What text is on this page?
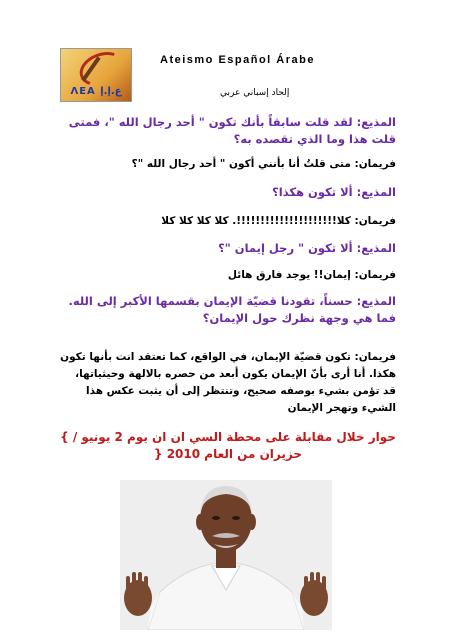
ΛΕΑ ع.إ.إ
Ateismo Español Árabe
إلحاد إسباني عربي
المذيع: لقد قلت سابقاً بأنك تكون " أحد رجال الله "، فمتى قلت هذا وما الذي تقصده به؟
فريمان: متى قلتُ أنا بأنني أكون " أحد رجال الله "؟
المذيع: ألا تكون هكذا؟
فريمان: كلا!!!!!!!!!!!!!!!!!!!!!. كلا كلا كلا كلا
المذيع: ألا تكون " رجل إيمان "؟
فريمان: إيمان!! يوجد فارق هائل
المذيع: حسناً، تقودنا قضيّة الإيمان بقسمها الأكبر إلى الله. فما هي وجهة نظرك حول الإيمان؟
فريمان: تكون قضيّة الإيمان، في الواقع، كما تعتقد انت بأنها تكون هكذا. أنا أرى بأنّ الإيمان يكون أبعد من حصره بالالهة وحيثياتها، قد تؤمن بشيء بوصفه صحيح، وتنتظر إلى أن يثبت عكس هذا الشيء وتهجر الإيمان
حوار خلال مقابلة على محطة السي ان ان يوم 2 يونيو / } حزيران من العام 2010 {
